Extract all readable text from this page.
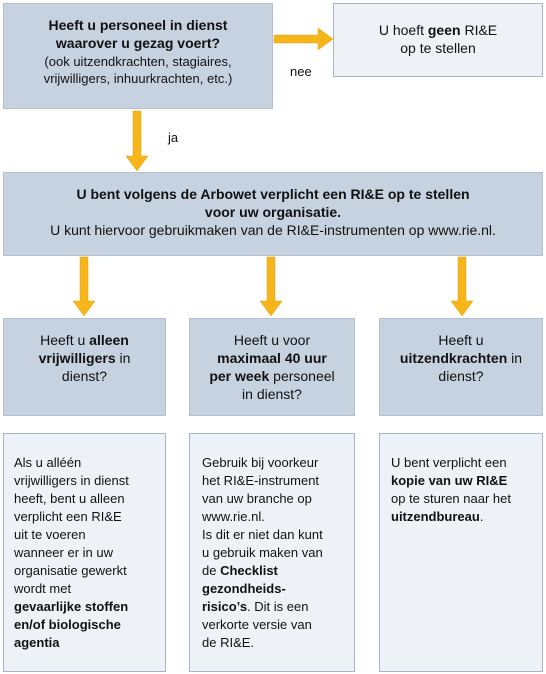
Heeft u personeel in dienst
waarover u gezag voert?
(ook uitzendkrachten, stagiaires,
vrijwilligers, inhuurkrachten, etc.)
U hoeft geen RI&E
op te stellen
nee
ja
U bent volgens de Arbowet verplicht een RI&E op te stellen
voor uw organisatie.
U kunt hiervoor gebruikmaken van de RI&E-instrumenten op www.rie.nl.
Heeft u alleen
vrijwilligers in
dienst?
Heeft u voor
maximaal 40 uur
per week personeel
in dienst?
Heeft u
uitzendkrachten in
dienst?
Als u alléén
vrijwilligers in dienst
heeft, bent u alleen
verplicht een RI&E
uit te voeren
wanneer er in uw
organisatie gewerkt
wordt met
gevaarlijke stoffen
en/of biologische
agentia
Gebruik bij voorkeur
het RI&E-instrument
van uw branche op
www.rie.nl.
Is dit er niet dan kunt
u gebruik maken van
de Checklist
gezondheids-
risico’s. Dit is een
verkorte versie van
de RI&E.
U bent verplicht een
kopie van uw RI&E
op te sturen naar het
uitzendbureau.
